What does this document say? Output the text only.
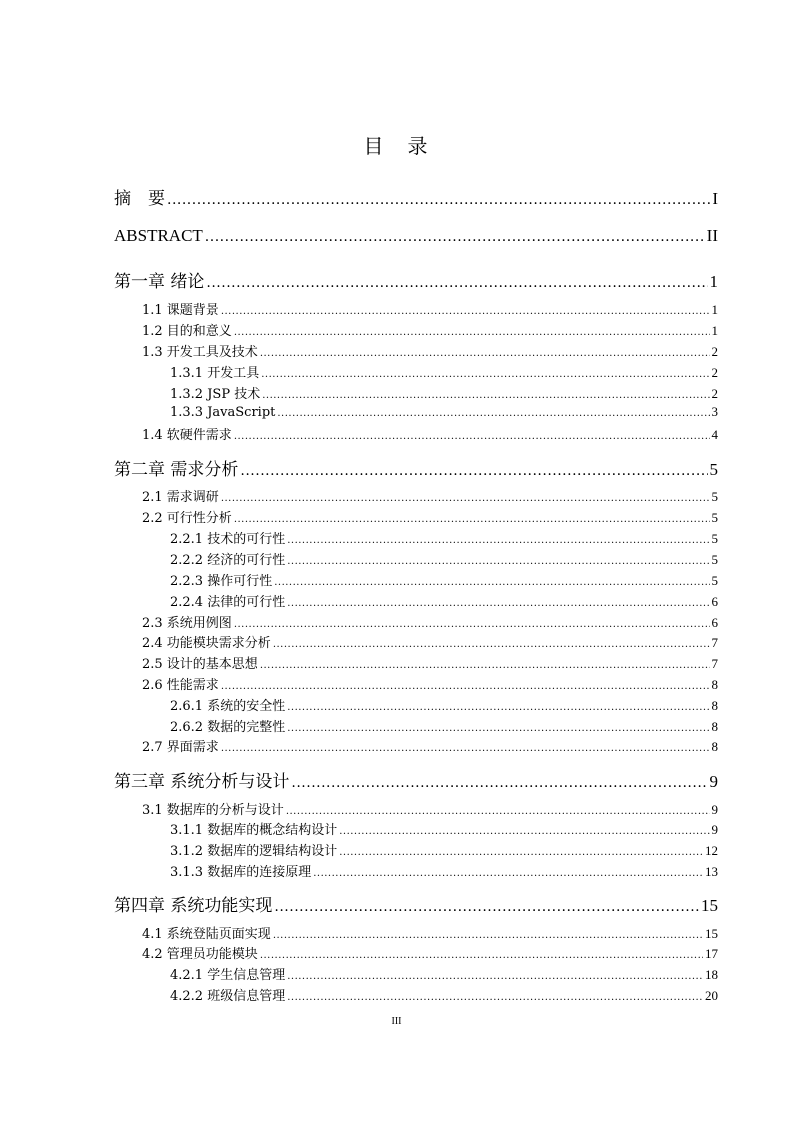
目 录
摘　要 .....	I
ABSTRACT .....	II
第一章 绪论 .....	1
1.1 课题背景 .....	1
1.2 目的和意义 .....	1
1.3 开发工具及技术 .....	2
1.3.1 开发工具 .....	2
1.3.2 JSP 技术 .....	2
1.3.3 JavaScript .....	3
1.4 软硬件需求 .....	4
第二章 需求分析 .....	5
2.1 需求调研 .....	5
2.2 可行性分析 .....	5
2.2.1 技术的可行性 .....	5
2.2.2 经济的可行性 .....	5
2.2.3 操作可行性 .....	5
2.2.4 法律的可行性 .....	6
2.3 系统用例图 .....	6
2.4 功能模块需求分析 .....	7
2.5 设计的基本思想 .....	7
2.6 性能需求 .....	8
2.6.1 系统的安全性 .....	8
2.6.2 数据的完整性 .....	8
2.7 界面需求 .....	8
第三章 系统分析与设计 .....	9
3.1 数据库的分析与设计 .....	9
3.1.1 数据库的概念结构设计 .....	9
3.1.2 数据库的逻辑结构设计 .....	12
3.1.3 数据库的连接原理 .....	13
第四章 系统功能实现 .....	15
4.1 系统登陆页面实现 .....	15
4.2 管理员功能模块 .....	17
4.2.1 学生信息管理 .....	18
4.2.2 班级信息管理 .....	20
III
